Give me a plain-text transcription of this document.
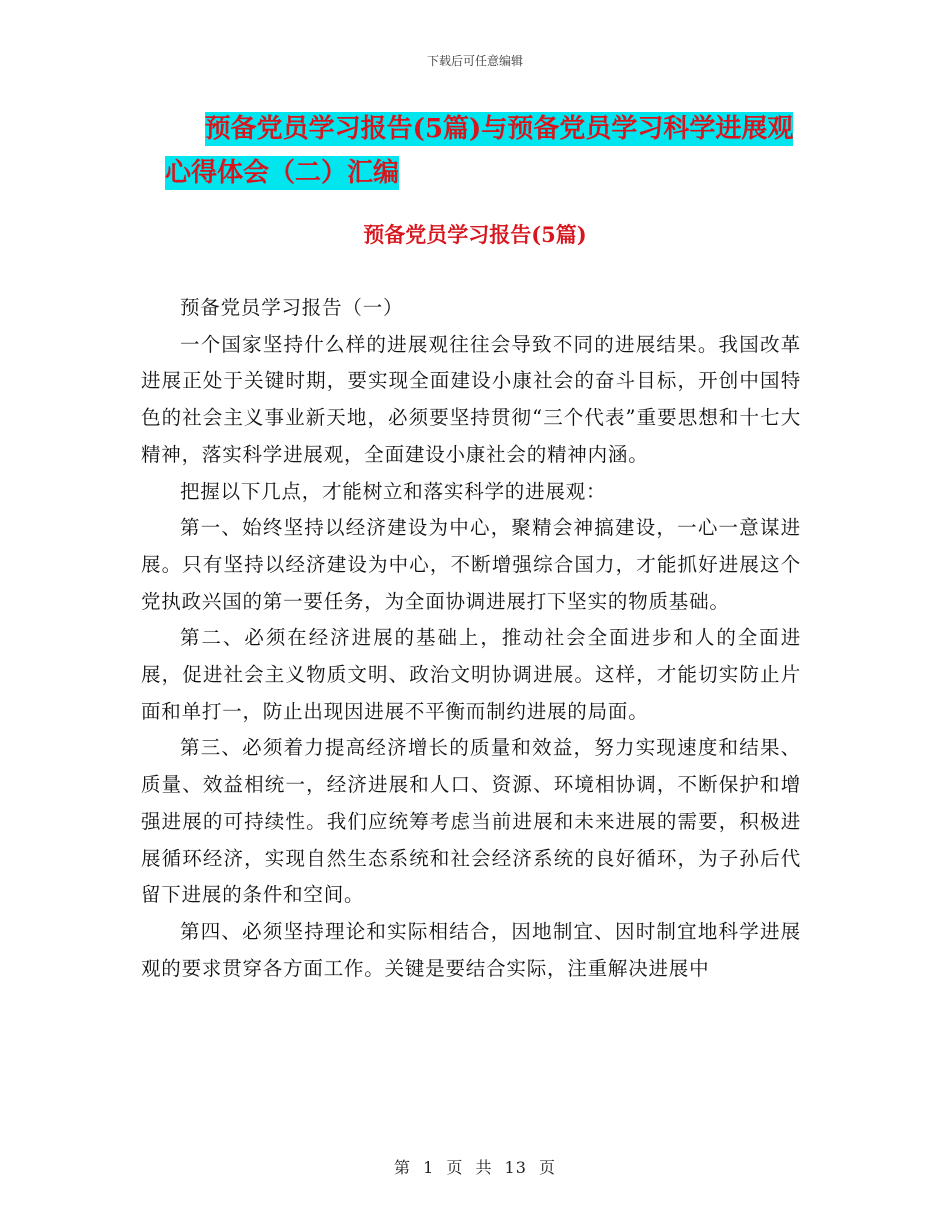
下载后可任意编辑
预备党员学习报告(5篇)与预备党员学习科学进展观
心得体会（二）汇编
预备党员学习报告(5篇)

预备党员学习报告（一）

一个国家坚持什么样的进展观往往会导致不同的进展结果。我国改革进展正处于关键时期，要实现全面建设小康社会的奋斗目标，开创中国特色的社会主义事业新天地，必须要坚持贯彻“三个代表”重要思想和十七大精神，落实科学进展观，全面建设小康社会的精神内涵。

把握以下几点，才能树立和落实科学的进展观：

第一、始终坚持以经济建设为中心，聚精会神搞建设，一心一意谋进展。只有坚持以经济建设为中心，不断增强综合国力，才能抓好进展这个党执政兴国的第一要任务，为全面协调进展打下坚实的物质基础。

第二、必须在经济进展的基础上，推动社会全面进步和人的全面进展，促进社会主义物质文明、政治文明协调进展。这样，才能切实防止片面和单打一，防止出现因进展不平衡而制约进展的局面。

第三、必须着力提高经济增长的质量和效益，努力实现速度和结果、质量、效益相统一，经济进展和人口、资源、环境相协调，不断保护和增强进展的可持续性。我们应统筹考虑当前进展和未来进展的需要，积极进展循环经济，实现自然生态系统和社会经济系统的良好循环，为子孙后代留下进展的条件和空间。

第四、必须坚持理论和实际相结合，因地制宜、因时制宜地科学进展观的要求贯穿各方面工作。关键是要结合实际，注重解决进展中

第 1 页 共 13 页
